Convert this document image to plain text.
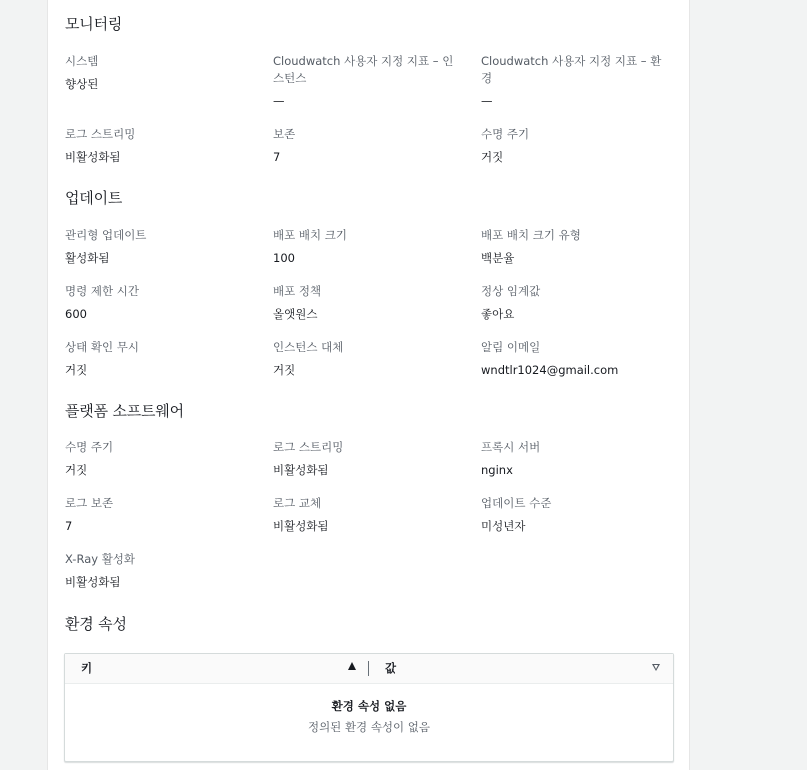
모니터링
시스템
향상된
Cloudwatch 사용자 지정 지표 – 인스턴스
—
Cloudwatch 사용자 지정 지표 – 환경
—
로그 스트리밍
비활성화됨
보존
7
수명 주기
거짓
업데이트
관리형 업데이트
활성화됨
배포 배치 크기
100
배포 배치 크기 유형
백분율
명령 제한 시간
600
배포 정책
올앳원스
정상 임계값
좋아요
상태 확인 무시
거짓
인스턴스 대체
거짓
알림 이메일
wndtlr1024@gmail.com
플랫폼 소프트웨어
수명 주기
거짓
로그 스트리밍
비활성화됨
프록시 서버
nginx
로그 보존
7
로그 교체
비활성화됨
업데이트 수준
미성년자
X-Ray 활성화
비활성화됨
환경 속성
키	값
환경 속성 없음
정의된 환경 속성이 없음
